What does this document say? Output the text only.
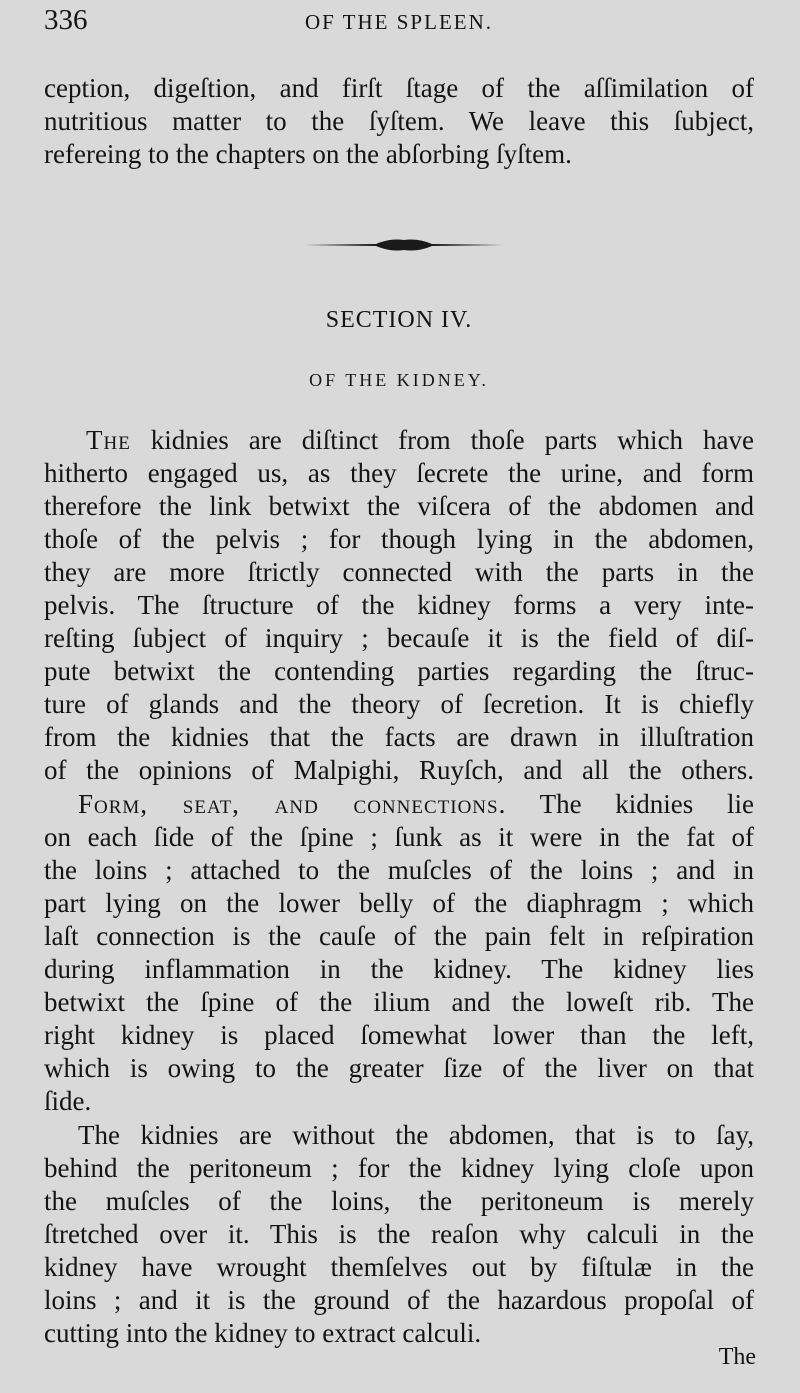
336	OF THE SPLEEN.
ception, digeſtion, and firſt ſtage of the aſſimilation of
nutritious matter to the ſyſtem. We leave this ſubject,
refereing to the chapters on the abſorbing ſyſtem.
SECTION IV.
OF THE KIDNEY.
The kidnies are diſtinct from thoſe parts which have
hitherto engaged us, as they ſecrete the urine, and form
therefore the link betwixt the viſcera of the abdomen and
thoſe of the pelvis ; for though lying in the abdomen,
they are more ſtrictly connected with the parts in the
pelvis. The ſtructure of the kidney forms a very inte-
reſting ſubject of inquiry ; becauſe it is the field of diſ-
pute betwixt the contending parties regarding the ſtruc-
ture of glands and the theory of ſecretion. It is chiefly
from the kidnies that the facts are drawn in illuſtration
of the opinions of Malpighi, Ruyſch, and all the others.
Form, seat, and connections. The kidnies lie
on each ſide of the ſpine ; ſunk as it were in the fat of
the loins ; attached to the muſcles of the loins ; and in
part lying on the lower belly of the diaphragm ; which
laſt connection is the cauſe of the pain felt in reſpiration
during inflammation in the kidney. The kidney lies
betwixt the ſpine of the ilium and the loweſt rib. The
right kidney is placed ſomewhat lower than the left,
which is owing to the greater ſize of the liver on that
ſide.
The kidnies are without the abdomen, that is to ſay,
behind the peritoneum ; for the kidney lying cloſe upon
the muſcles of the loins, the peritoneum is merely
ſtretched over it. This is the reaſon why calculi in the
kidney have wrought themſelves out by fiſtulæ in the
loins ; and it is the ground of the hazardous propoſal of
cutting into the kidney to extract calculi.
The
